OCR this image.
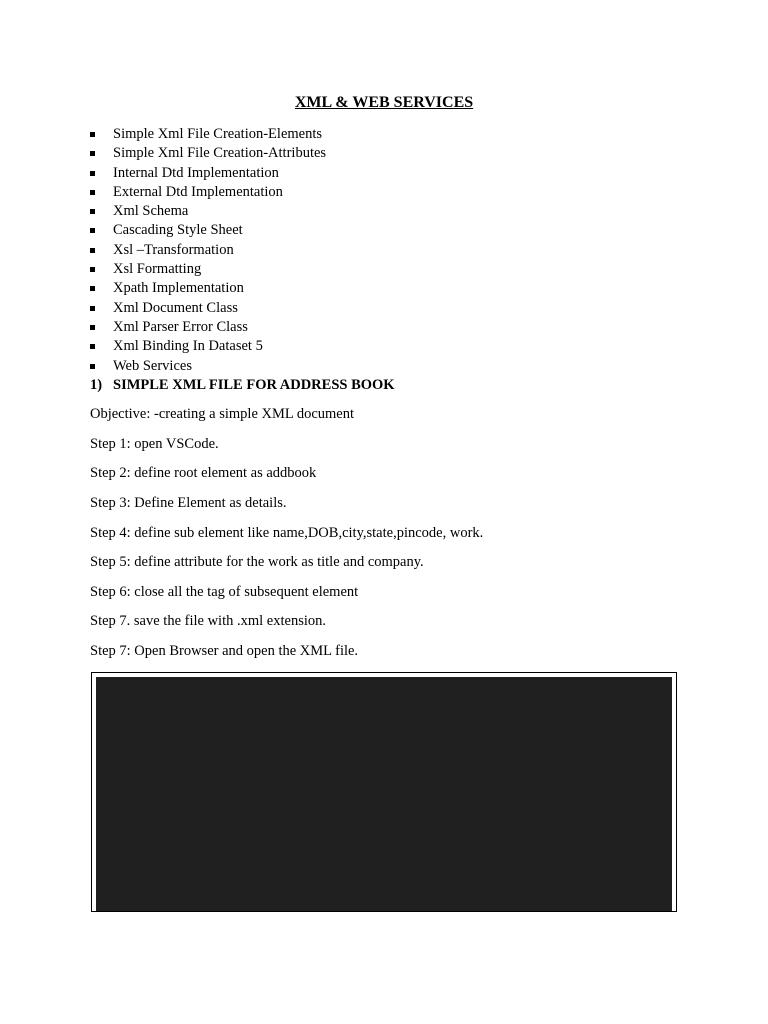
XML & WEB SERVICES
Simple Xml File Creation-Elements
Simple Xml File Creation-Attributes
Internal Dtd Implementation
External Dtd Implementation
Xml Schema
Cascading Style Sheet
Xsl –Transformation
Xsl Formatting
Xpath Implementation
Xml Document Class
Xml Parser Error Class
Xml Binding In Dataset 5
Web Services
1) SIMPLE XML FILE FOR ADDRESS BOOK
Objective: -creating a simple XML document
Step 1: open VSCode.
Step 2: define root element as addbook
Step 3: Define Element as details.
Step 4: define sub element like name,DOB,city,state,pincode, work.
Step 5: define attribute for the work as title and company.
Step 6: close all the tag of subsequent element
Step 7. save the file with .xml extension.
Step 7: Open Browser and open the XML file.
